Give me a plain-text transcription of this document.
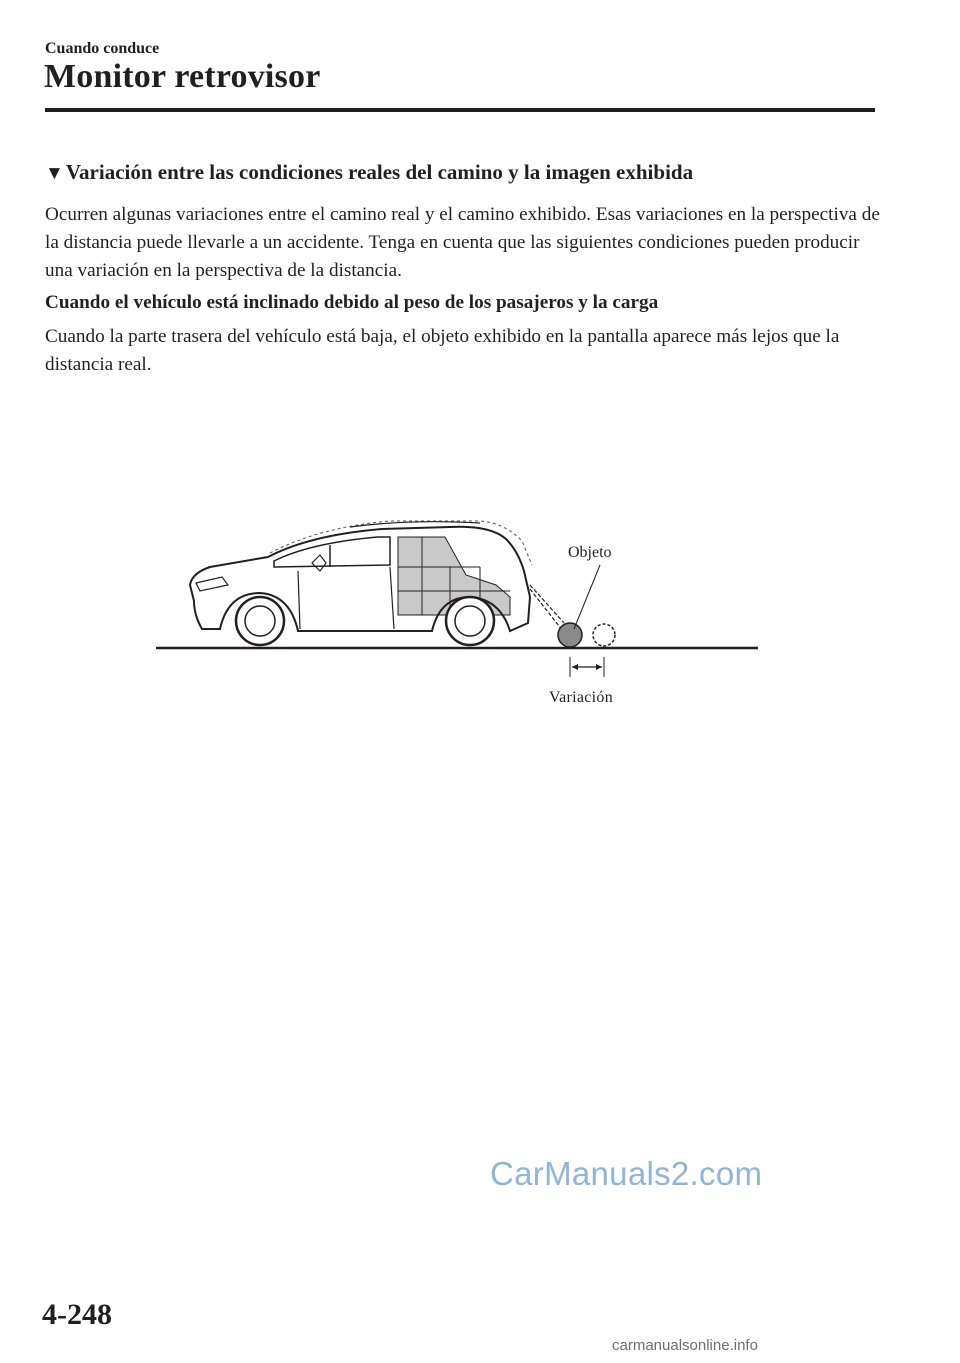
Cuando conduce
Monitor retrovisor
▼Variación entre las condiciones reales del camino y la imagen exhibida
Ocurren algunas variaciones entre el camino real y el camino exhibido. Esas variaciones en la perspectiva de la distancia puede llevarle a un accidente. Tenga en cuenta que las siguientes condiciones pueden producir una variación en la perspectiva de la distancia.
Cuando el vehículo está inclinado debido al peso de los pasajeros y la carga
Cuando la parte trasera del vehículo está baja, el objeto exhibido en la pantalla aparece más lejos que la distancia real.
Objeto
Variación
CarManuals2.com
4-248
carmanualsonline.info
